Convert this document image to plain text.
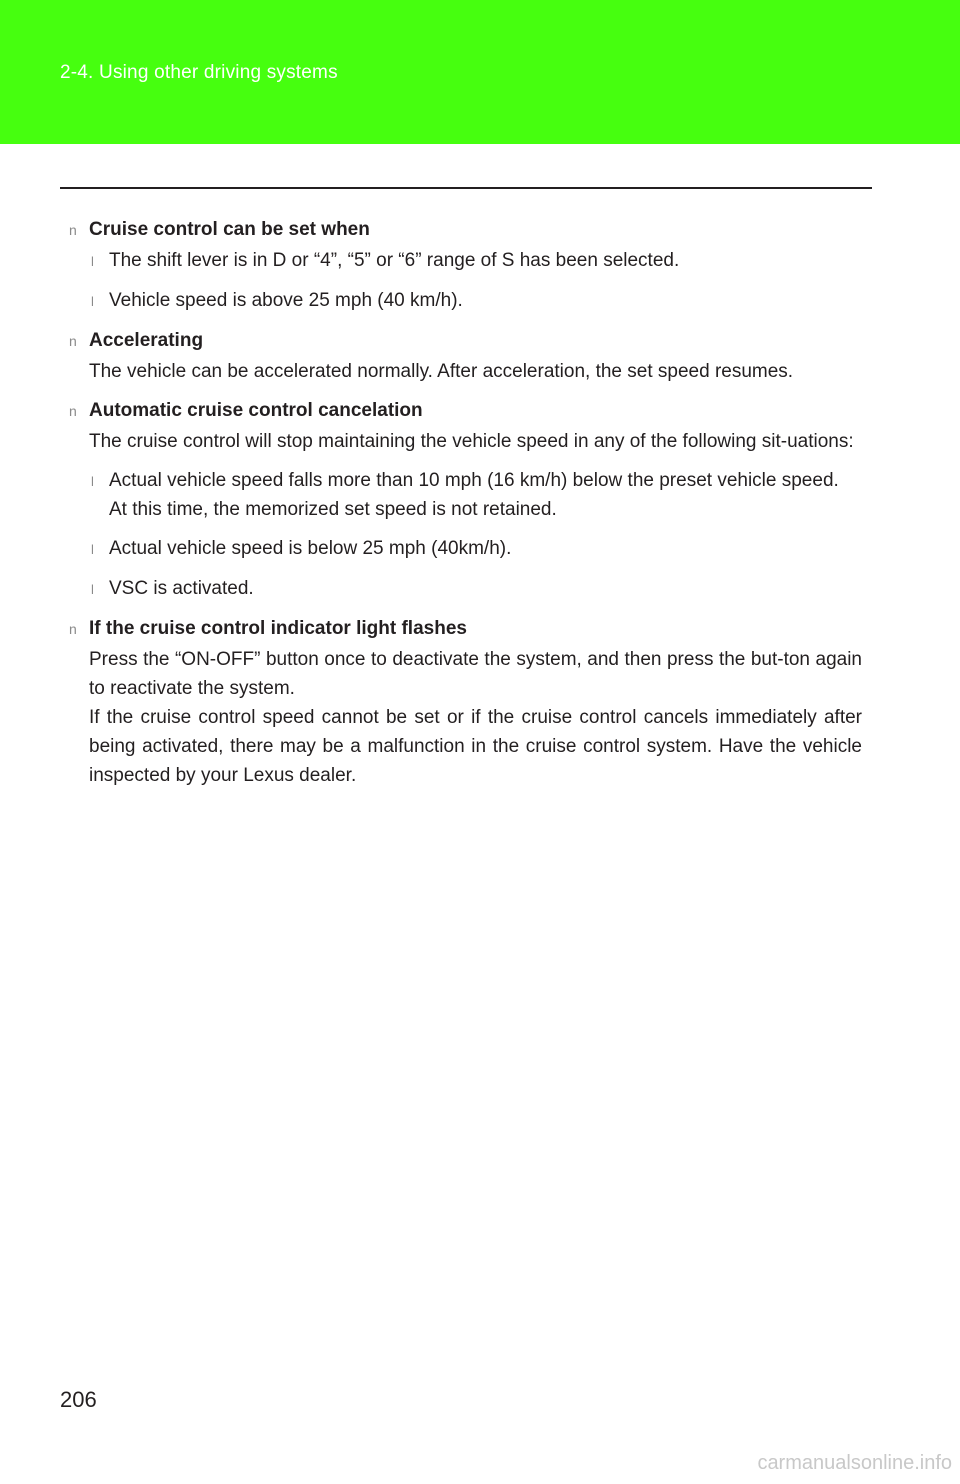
2-4. Using other driving systems
n Cruise control can be set when
l The shift lever is in D or “4”, “5” or “6” range of S has been selected.
l Vehicle speed is above 25 mph (40 km/h).
n Accelerating
The vehicle can be accelerated normally. After acceleration, the set speed resumes.
n Automatic cruise control cancelation
The cruise control will stop maintaining the vehicle speed in any of the following sit-uations:
l Actual vehicle speed falls more than 10 mph (16 km/h) below the preset vehicle speed.
At this time, the memorized set speed is not retained.
l Actual vehicle speed is below 25 mph (40km/h).
l VSC is activated.
n If the cruise control indicator light flashes
Press the “ON-OFF” button once to deactivate the system, and then press the but-ton again to reactivate the system.
If the cruise control speed cannot be set or if the cruise control cancels immediately after being activated, there may be a malfunction in the cruise control system. Have the vehicle inspected by your Lexus dealer.
206
carmanualsonline.info
